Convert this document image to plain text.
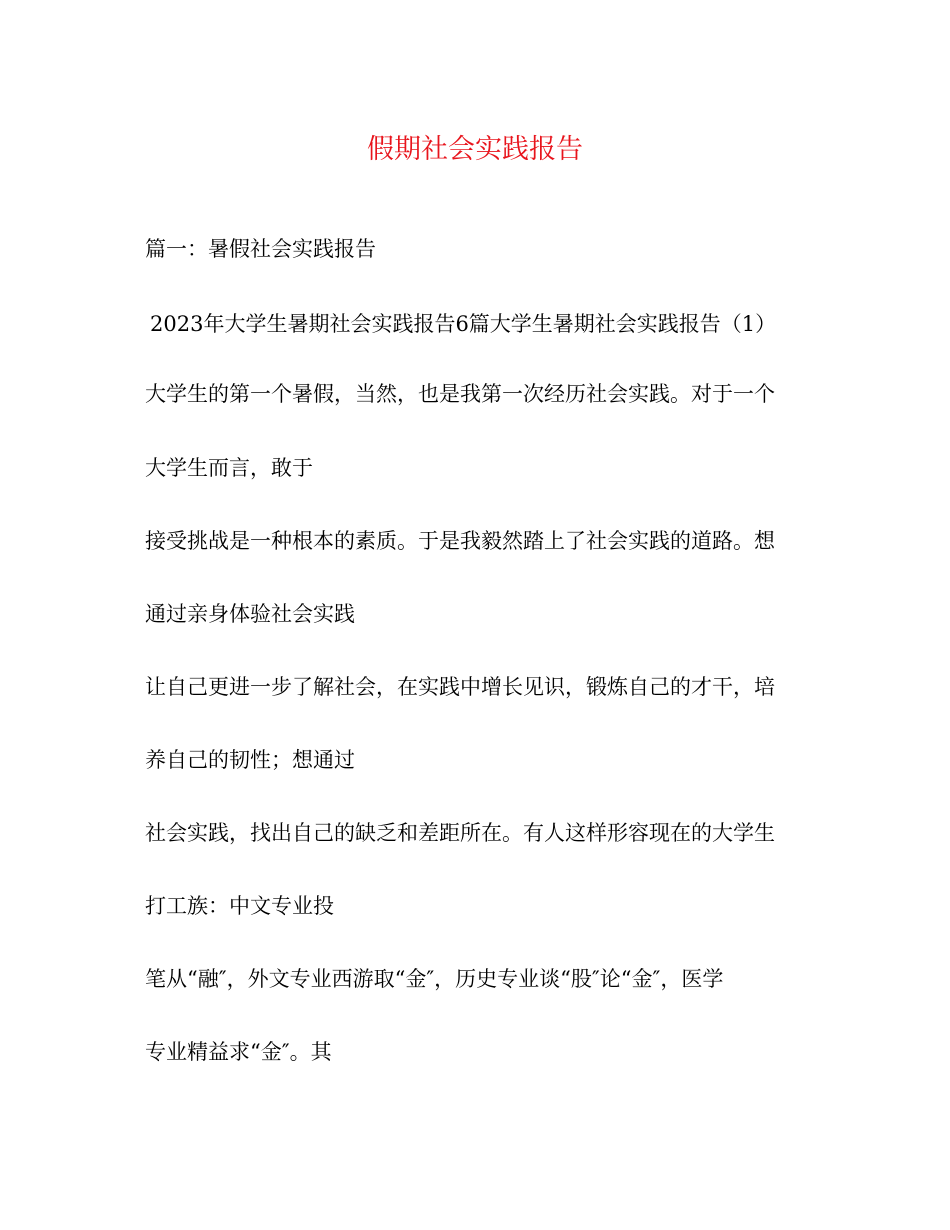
假期社会实践报告

篇一：暑假社会实践报告

2023年大学生暑期社会实践报告6篇大学生暑期社会实践报告（1）

大学生的第一个暑假，当然，也是我第一次经历社会实践。对于一个

大学生而言，敢于

接受挑战是一种根本的素质。于是我毅然踏上了社会实践的道路。想

通过亲身体验社会实践

让自己更进一步了解社会，在实践中增长见识，锻炼自己的才干，培

养自己的韧性；想通过

社会实践，找出自己的缺乏和差距所在。有人这样形容现在的大学生

打工族：中文专业投

笔从“融″，外文专业西游取“金″，历史专业谈“股″论“金″，医学

专业精益求“金″。其
